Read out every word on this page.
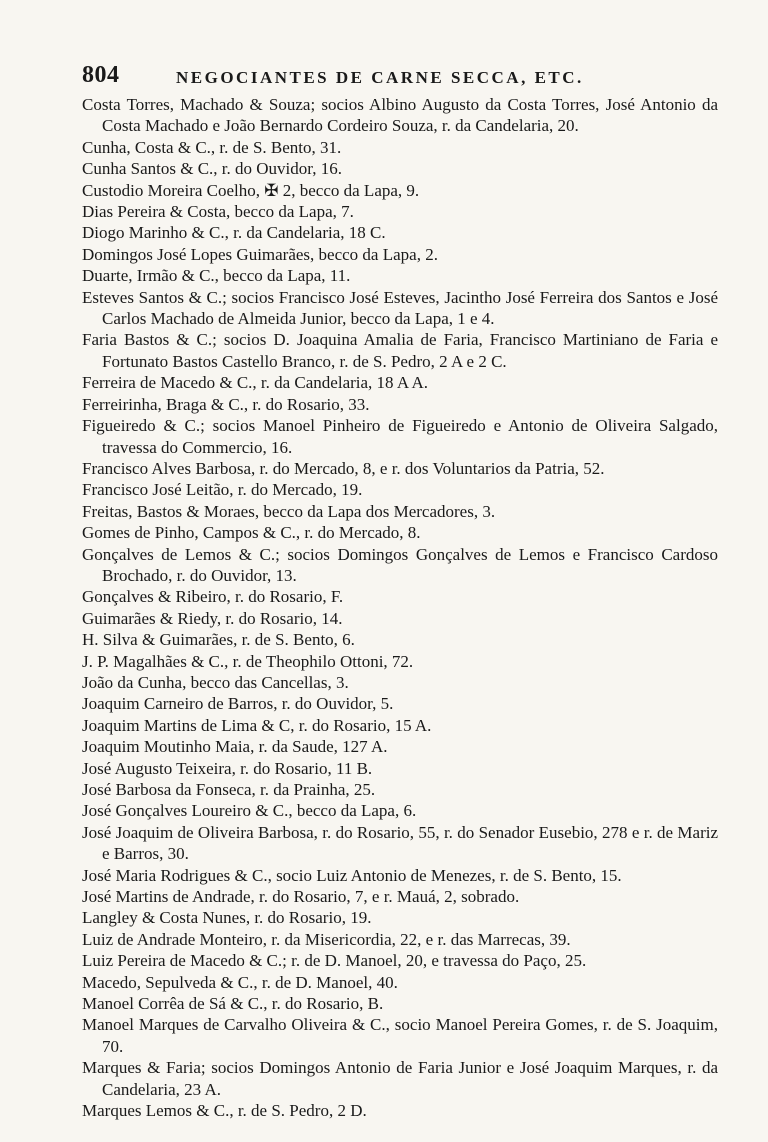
804	NEGOCIANTES DE CARNE SECCA, ETC.

Costa Torres, Machado & Souza; socios Albino Augusto da Costa Torres, José Antonio da Costa Machado e João Bernardo Cordeiro Souza, r. da Candelaria, 20.

Cunha, Costa & C., r. de S. Bento, 31.

Cunha Santos & C., r. do Ouvidor, 16.

Custodio Moreira Coelho, ✠ 2, becco da Lapa, 9.

Dias Pereira & Costa, becco da Lapa, 7.

Diogo Marinho & C., r. da Candelaria, 18 C.

Domingos José Lopes Guimarães, becco da Lapa, 2.

Duarte, Irmão & C., becco da Lapa, 11.

Esteves Santos & C.; socios Francisco José Esteves, Jacintho José Ferreira dos Santos e José Carlos Machado de Almeida Junior, becco da Lapa, 1 e 4.

Faria Bastos & C.; socios D. Joaquina Amalia de Faria, Francisco Martiniano de Faria e Fortunato Bastos Castello Branco, r. de S. Pedro, 2 A e 2 C.

Ferreira de Macedo & C., r. da Candelaria, 18 A A.

Ferreirinha, Braga & C., r. do Rosario, 33.

Figueiredo & C.; socios Manoel Pinheiro de Figueiredo e Antonio de Oliveira Salgado, travessa do Commercio, 16.

Francisco Alves Barbosa, r. do Mercado, 8, e r. dos Voluntarios da Patria, 52.

Francisco José Leitão, r. do Mercado, 19.

Freitas, Bastos & Moraes, becco da Lapa dos Mercadores, 3.

Gomes de Pinho, Campos & C., r. do Mercado, 8.

Gonçalves de Lemos & C.; socios Domingos Gonçalves de Lemos e Francisco Cardoso Brochado, r. do Ouvidor, 13.

Gonçalves & Ribeiro, r. do Rosario, F.

Guimarães & Riedy, r. do Rosario, 14.

H. Silva & Guimarães, r. de S. Bento, 6.

J. P. Magalhães & C., r. de Theophilo Ottoni, 72.

João da Cunha, becco das Cancellas, 3.

Joaquim Carneiro de Barros, r. do Ouvidor, 5.

Joaquim Martins de Lima & C, r. do Rosario, 15 A.

Joaquim Moutinho Maia, r. da Saude, 127 A.

José Augusto Teixeira, r. do Rosario, 11 B.

José Barbosa da Fonseca, r. da Prainha, 25.

José Gonçalves Loureiro & C., becco da Lapa, 6.

José Joaquim de Oliveira Barbosa, r. do Rosario, 55, r. do Senador Eusebio, 278 e r. de Mariz e Barros, 30.

José Maria Rodrigues & C., socio Luiz Antonio de Menezes, r. de S. Bento, 15.

José Martins de Andrade, r. do Rosario, 7, e r. Mauá, 2, sobrado.

Langley & Costa Nunes, r. do Rosario, 19.

Luiz de Andrade Monteiro, r. da Misericordia, 22, e r. das Marrecas, 39.

Luiz Pereira de Macedo & C.; r. de D. Manoel, 20, e travessa do Paço, 25.

Macedo, Sepulveda & C., r. de D. Manoel, 40.

Manoel Corrêa de Sá & C., r. do Rosario, B.

Manoel Marques de Carvalho Oliveira & C., socio Manoel Pereira Gomes, r. de S. Joaquim, 70.

Marques & Faria; socios Domingos Antonio de Faria Junior e José Joaquim Marques, r. da Candelaria, 23 A.

Marques Lemos & C., r. de S. Pedro, 2 D.
